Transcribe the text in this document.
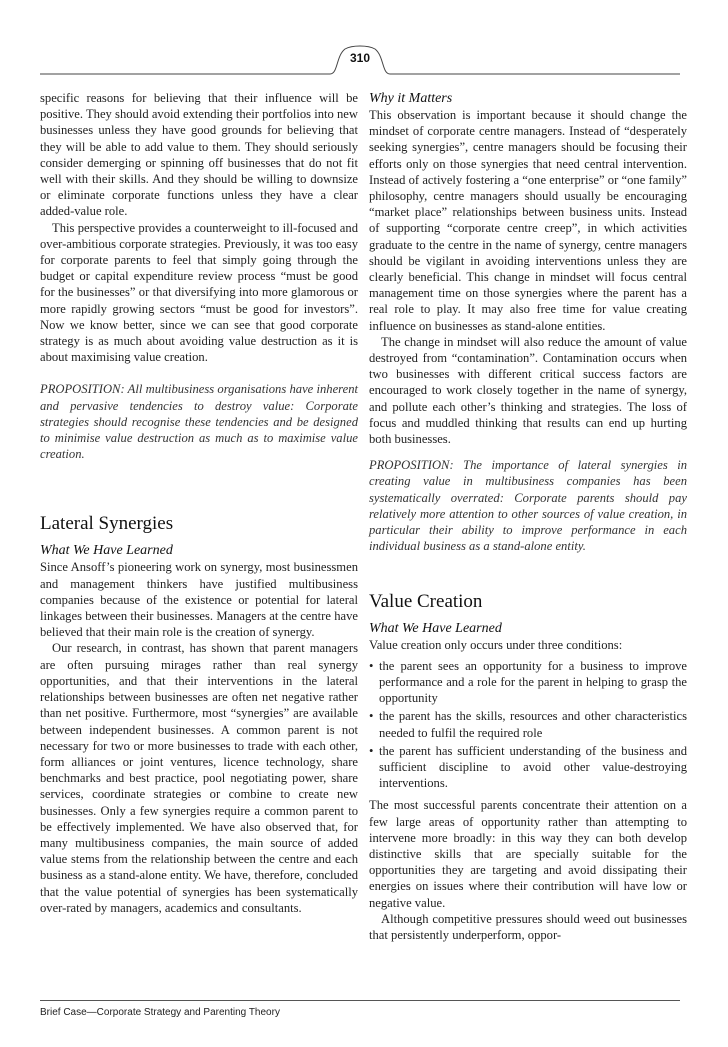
310

specific reasons for believing that their influence will be positive. They should avoid extending their portfolios into new businesses unless they have good grounds for believing that they will be able to add value to them. They should seriously consider demerging or spinning off businesses that do not fit well with their skills. And they should be willing to downsize or eliminate corporate functions unless they have a clear added-value role.

This perspective provides a counterweight to ill-focused and over-ambitious corporate strategies. Previously, it was too easy for corporate parents to feel that simply going through the budget or capital expenditure review process “must be good for the businesses” or that diversifying into more glamorous or more rapidly growing sectors “must be good for investors”. Now we know better, since we can see that good corporate strategy is as much about avoiding value destruction as it is about maximising value creation.

PROPOSITION: All multibusiness organisations have inherent and pervasive tendencies to destroy value: Corporate strategies should recognise these tendencies and be designed to minimise value destruction as much as to maximise value creation.

Lateral Synergies
What We Have Learned

Since Ansoff’s pioneering work on synergy, most businessmen and management thinkers have justified multibusiness companies because of the existence or potential for lateral linkages between their businesses. Managers at the centre have believed that their main role is the creation of synergy.

Our research, in contrast, has shown that parent managers are often pursuing mirages rather than real synergy opportunities, and that their interventions in the lateral relationships between businesses are often net negative rather than net positive. Furthermore, most “synergies” are available between independent businesses. A common parent is not necessary for two or more businesses to trade with each other, form alliances or joint ventures, licence technology, share benchmarks and best practice, pool negotiating power, share services, coordinate strategies or combine to create new businesses. Only a few synergies require a common parent to be effectively implemented. We have also observed that, for many multibusiness companies, the main source of added value stems from the relationship between the centre and each business as a stand-alone entity. We have, therefore, concluded that the value potential of synergies has been systematically over-rated by managers, academics and consultants.

Why it Matters

This observation is important because it should change the mindset of corporate centre managers. Instead of “desperately seeking synergies”, centre managers should be focusing their efforts only on those synergies that need central intervention. Instead of actively fostering a “one enterprise” or “one family” philosophy, centre managers should usually be encouraging “market place” relationships between business units. Instead of supporting “corporate centre creep”, in which activities graduate to the centre in the name of synergy, centre managers should be vigilant in avoiding interventions unless they are clearly beneficial. This change in mindset will focus central management time on those synergies where the parent has a real role to play. It may also free time for value creating influence on businesses as stand-alone entities.

The change in mindset will also reduce the amount of value destroyed from “contamination”. Contamination occurs when two businesses with different critical success factors are encouraged to work closely together in the name of synergy, and pollute each other’s thinking and strategies. The loss of focus and muddled thinking that results can end up hurting both businesses.

PROPOSITION: The importance of lateral synergies in creating value in multibusiness companies has been systematically overrated: Corporate parents should pay relatively more attention to other sources of value creation, in particular their ability to improve performance in each individual business as a stand-alone entity.

Value Creation
What We Have Learned

Value creation only occurs under three conditions:

• the parent sees an opportunity for a business to improve performance and a role for the parent in helping to grasp the opportunity
• the parent has the skills, resources and other characteristics needed to fulfil the required role
• the parent has sufficient understanding of the business and sufficient discipline to avoid other value-destroying interventions.

The most successful parents concentrate their attention on a few large areas of opportunity rather than attempting to intervene more broadly: in this way they can both develop distinctive skills that are specially suitable for the opportunities they are targeting and avoid dissipating their energies on issues where their contribution will have low or negative value.

Although competitive pressures should weed out businesses that persistently underperform, oppor-

Brief Case—Corporate Strategy and Parenting Theory
